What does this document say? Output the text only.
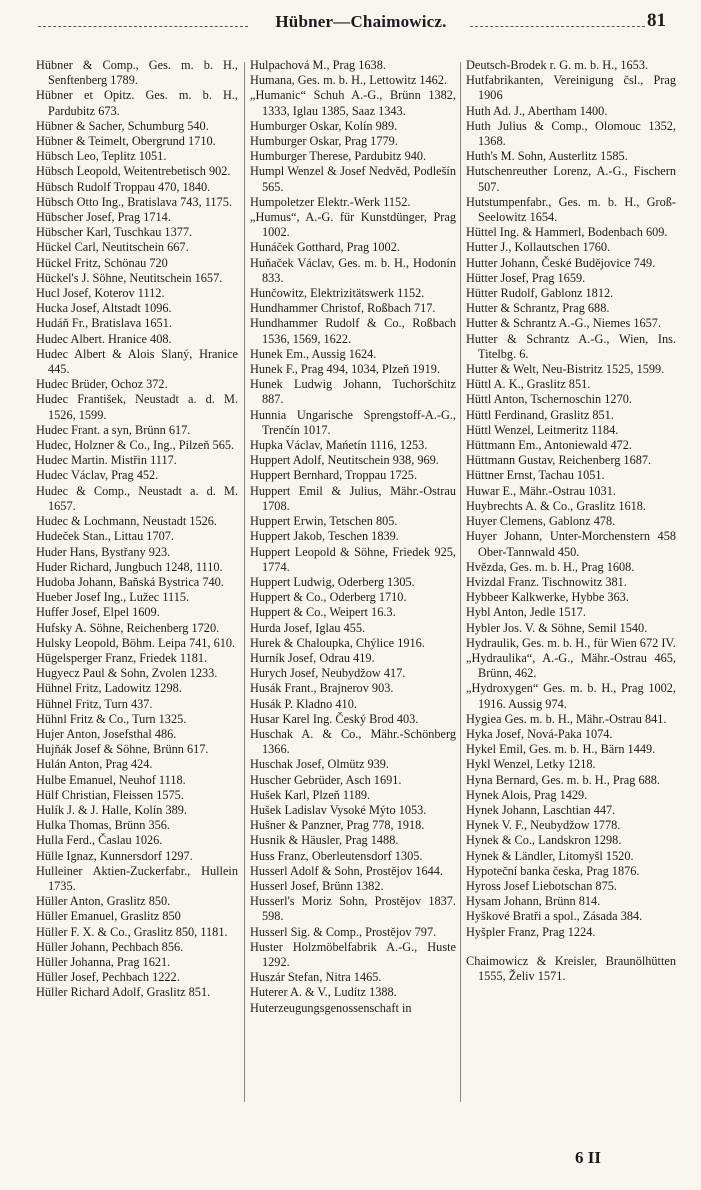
Hübner—Chaimowicz.	81

Hübner & Comp., Ges. m. b. H., Senftenberg 1789.

Hübner et Opitz. Ges. m. b. H., Pardubitz 673.

Hübner & Sacher, Schumburg 540.

Hübner & Teimelt, Obergrund 1710.

Hübsch Leo, Teplitz 1051.

Hübsch Leopold, Weitentrebetisch 902.

Hübsch Rudolf Troppau 470, 1840.

Hübsch Otto Ing., Bratislava 743, 1175.

Hübscher Josef, Prag 1714.

Hübscher Karl, Tuschkau 1377.

Hückel Carl, Neutitschein 667.

Hückel Fritz, Schönau 720

Hückel's J. Söhne, Neutitschein 1657.

Hucl Josef, Koterov 1112.

Hucka Josef, Altstadt 1096.

Hudáň Fr., Bratislava 1651.

Hudec Albert. Hranice 408.

Hudec Albert & Alois Slaný, Hranice 445.

Hudec Brüder, Ochoz 372.

Hudec František, Neustadt a. d. M. 1526, 1599.

Hudec Frant. a syn, Brünn 617.

Hudec, Holzner & Co., Ing., Pilzeň 565.

Hudec Martin. Mistřin 1117.

Hudec Václav, Prag 452.

Hudec & Comp., Neustadt a. d. M. 1657.

Hudec & Lochmann, Neustadt 1526.

Hudeček Stan., Littau 1707.

Huder Hans, Bystřany 923.

Huder Richard, Jungbuch 1248, 1110.

Hudoba Johann, Baňská Bystrica 740.

Hueber Josef Ing., Lužec 1115.

Huffer Josef, Elpel 1609.

Hufsky A. Söhne, Reichenberg 1720.

Hulsky Leopold, Böhm. Leipa 741, 610.

Hügelsperger Franz, Friedek 1181.

Hugyecz Paul & Sohn, Zvolen 1233.

Hühnel Fritz, Ladowitz 1298.

Hühnel Fritz, Turn 437.

Hühnl Fritz & Co., Turn 1325.

Hujer Anton, Josefsthal 486.

Hujňák Josef & Söhne, Brünn 617.

Hulán Anton, Prag 424.

Hulbe Emanuel, Neuhof 1118.

Hülf Christian, Fleissen 1575.

Hulík J. & J. Halle, Kolín 389.

Hulka Thomas, Brünn 356.

Hulla Ferd., Časlau 1026.

Hülle Ignaz, Kunnersdorf 1297.

Hulleiner Aktien-Zuckerfabr., Hullein 1735.

Hüller Anton, Graslitz 850.

Hüller Emanuel, Graslitz 850

Hüller F. X. & Co., Graslitz 850, 1181.

Hüller Johann, Pechbach 856.

Hüller Johanna, Prag 1621.

Hüller Josef, Pechbach 1222.

Hüller Richard Adolf, Graslitz 851.

Hulpachová M., Prag 1638.

Humana, Ges. m. b. H., Lettowitz 1462.

„Humanic“ Schuh A.-G., Brünn 1382, 1333, Iglau 1385, Saaz 1343.

Humburger Oskar, Kolín 989.

Humburger Oskar, Prag 1779.

Humburger Therese, Pardubitz 940.

Humpl Wenzel & Josef Nedvěd, Podlešín 565.

Humpoletzer Elektr.-Werk 1152.

„Humus“, A.-G. für Kunstdünger, Prag 1002.

Hunáček Gotthard, Prag 1002.

Huňaček Václav, Ges. m. b. H., Hodonín 833.

Hunčowitz, Elektrizitätswerk 1152.

Hundhammer Christof, Roßbach 717.

Hundhammer Rudolf & Co., Roßbach 1536, 1569, 1622.

Hunek Em., Aussig 1624.

Hunek F., Prag 494, 1034, Plzeň 1919.

Hunek Ludwig Johann, Tuchoršchitz 887.

Hunnia Ungarische Sprengstoff-A.-G., Trenčín 1017.

Hupka Václav, Mańetín 1116, 1253.

Huppert Adolf, Neutitschein 938, 969.

Huppert Bernhard, Troppau 1725.

Huppert Emil & Julius, Mähr.-Ostrau 1708.

Huppert Erwin, Tetschen 805.

Huppert Jakob, Teschen 1839.

Huppert Leopold & Söhne, Friedek 925, 1774.

Huppert Ludwig, Oderberg 1305.

Huppert & Co., Oderberg 1710.

Huppert & Co., Weipert 16.3.

Hurda Josef, Iglau 455.

Hurek & Chaloupka, Chýlice 1916.

Hurník Josef, Odrau 419.

Hurych Josef, Neubydžow 417.

Husák Frant., Brajnerov 903.

Husák P. Kladno 410.

Husar Karel Ing. Český Brod 403.

Huschak A. & Co., Mähr.-Schönberg 1366.

Huschak Josef, Olmütz 939.

Huscher Gebrüder, Asch 1691.

Hušek Karl, Plzeň 1189.

Hušek Ladislav Vysoké Mýto 1053.

Hušner & Panzner, Prag 778, 1918.

Husnik & Häusler, Prag 1488.

Huss Franz, Oberleutensdorf 1305.

Husserl Adolf & Sohn, Prostějov 1644.

Husserl Josef, Brünn 1382.

Husserl's Moriz Sohn, Prostějov 1837. 598.

Husserl Sig. & Comp., Prostějov 797.

Huster Holzmöbelfabrik A.-G., Huste 1292.

Huszár Stefan, Nitra 1465.

Huterer A. & V., Ludítz 1388.

Huterzeugungsgenossenschaft in

Deutsch-Brodek r. G. m. b. H., 1653.

Hutfabrikanten, Vereinigung čsl., Prag 1906

Huth Ad. J., Abertham 1400.

Huth Julius & Comp., Olomouc 1352, 1368.

Huth's M. Sohn, Austerlitz 1585.

Hutschenreuther Lorenz, A.-G., Fischern 507.

Hutstumpenfabr., Ges. m. b. H., Groß-Seelowitz 1654.

Hüttel Ing. & Hammerl, Bodenbach 609.

Hutter J., Kollautschen 1760.

Hutter Johann, České Budějovice 749.

Hütter Josef, Prag 1659.

Hütter Rudolf, Gablonz 1812.

Hutter & Schrantz, Prag 688.

Hutter & Schrantz A.-G., Niemes 1657.

Hutter & Schrantz A.-G., Wien, Ins. Titelbg. 6.

Hutter & Welt, Neu-Bistritz 1525, 1599.

Hüttl A. K., Graslitz 851.

Hüttl Anton, Tschernoschin 1270.

Hüttl Ferdinand, Graslitz 851.

Hüttl Wenzel, Leitmeritz 1184.

Hüttmann Em., Antoniewald 472.

Hüttmann Gustav, Reichenberg 1687.

Hüttner Ernst, Tachau 1051.

Huwar E., Mähr.-Ostrau 1031.

Huybrechts A. & Co., Graslitz 1618.

Huyer Clemens, Gablonz 478.

Huyer Johann, Unter-Morchenstern 458 Ober-Tannwald 450.

Hvězda, Ges. m. b. H., Prag 1608.

Hvizdal Franz. Tischnowitz 381.

Hybbeer Kalkwerke, Hybbe 363.

Hybl Anton, Jedle 1517.

Hybler Jos. V. & Söhne, Semil 1540.

Hydraulik, Ges. m. b. H., für Wien 672 IV.

„Hydraulika“, A.-G., Mähr.-Ostrau 465, Brünn, 462.

„Hydroxygen“ Ges. m. b. H., Prag 1002, 1916. Aussig 974.

Hygiea Ges. m. b. H., Mähr.-Ostrau 841.

Hyka Josef, Nová-Paka 1074.

Hykel Emil, Ges. m. b. H., Bärn 1449.

Hykl Wenzel, Letky 1218.

Hyna Bernard, Ges. m. b. H., Prag 688.

Hynek Alois, Prag 1429.

Hynek Johann, Laschtian 447.

Hynek V. F., Neubydžow 1778.

Hynek & Co., Landskron 1298.

Hynek & Ländler, Litomyšl 1520.

Hypoteční banka česka, Prag 1876.

Hyross Josef Liebotschan 875.

Hysam Johann, Brünn 814.

Hyškové Bratři a spol., Zásada 384.

Hyšpler Franz, Prag 1224.

Chaimowicz & Kreisler, Braunölhütten 1555, Želiv 1571.

6 II
